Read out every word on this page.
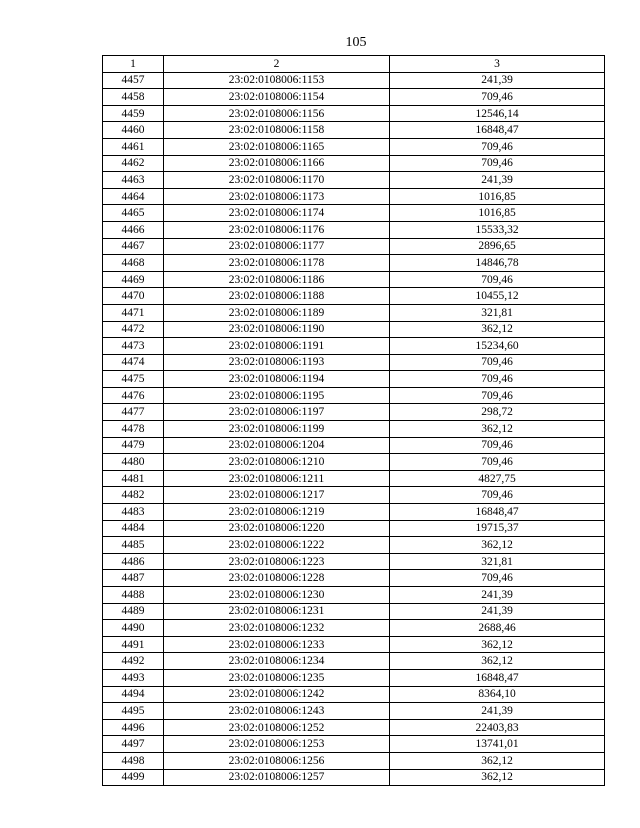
105
1	2	3
4457	23:02:0108006:1153	241,39
4458	23:02:0108006:1154	709,46
4459	23:02:0108006:1156	12546,14
4460	23:02:0108006:1158	16848,47
4461	23:02:0108006:1165	709,46
4462	23:02:0108006:1166	709,46
4463	23:02:0108006:1170	241,39
4464	23:02:0108006:1173	1016,85
4465	23:02:0108006:1174	1016,85
4466	23:02:0108006:1176	15533,32
4467	23:02:0108006:1177	2896,65
4468	23:02:0108006:1178	14846,78
4469	23:02:0108006:1186	709,46
4470	23:02:0108006:1188	10455,12
4471	23:02:0108006:1189	321,81
4472	23:02:0108006:1190	362,12
4473	23:02:0108006:1191	15234,60
4474	23:02:0108006:1193	709,46
4475	23:02:0108006:1194	709,46
4476	23:02:0108006:1195	709,46
4477	23:02:0108006:1197	298,72
4478	23:02:0108006:1199	362,12
4479	23:02:0108006:1204	709,46
4480	23:02:0108006:1210	709,46
4481	23:02:0108006:1211	4827,75
4482	23:02:0108006:1217	709,46
4483	23:02:0108006:1219	16848,47
4484	23:02:0108006:1220	19715,37
4485	23:02:0108006:1222	362,12
4486	23:02:0108006:1223	321,81
4487	23:02:0108006:1228	709,46
4488	23:02:0108006:1230	241,39
4489	23:02:0108006:1231	241,39
4490	23:02:0108006:1232	2688,46
4491	23:02:0108006:1233	362,12
4492	23:02:0108006:1234	362,12
4493	23:02:0108006:1235	16848,47
4494	23:02:0108006:1242	8364,10
4495	23:02:0108006:1243	241,39
4496	23:02:0108006:1252	22403,83
4497	23:02:0108006:1253	13741,01
4498	23:02:0108006:1256	362,12
4499	23:02:0108006:1257	362,12
